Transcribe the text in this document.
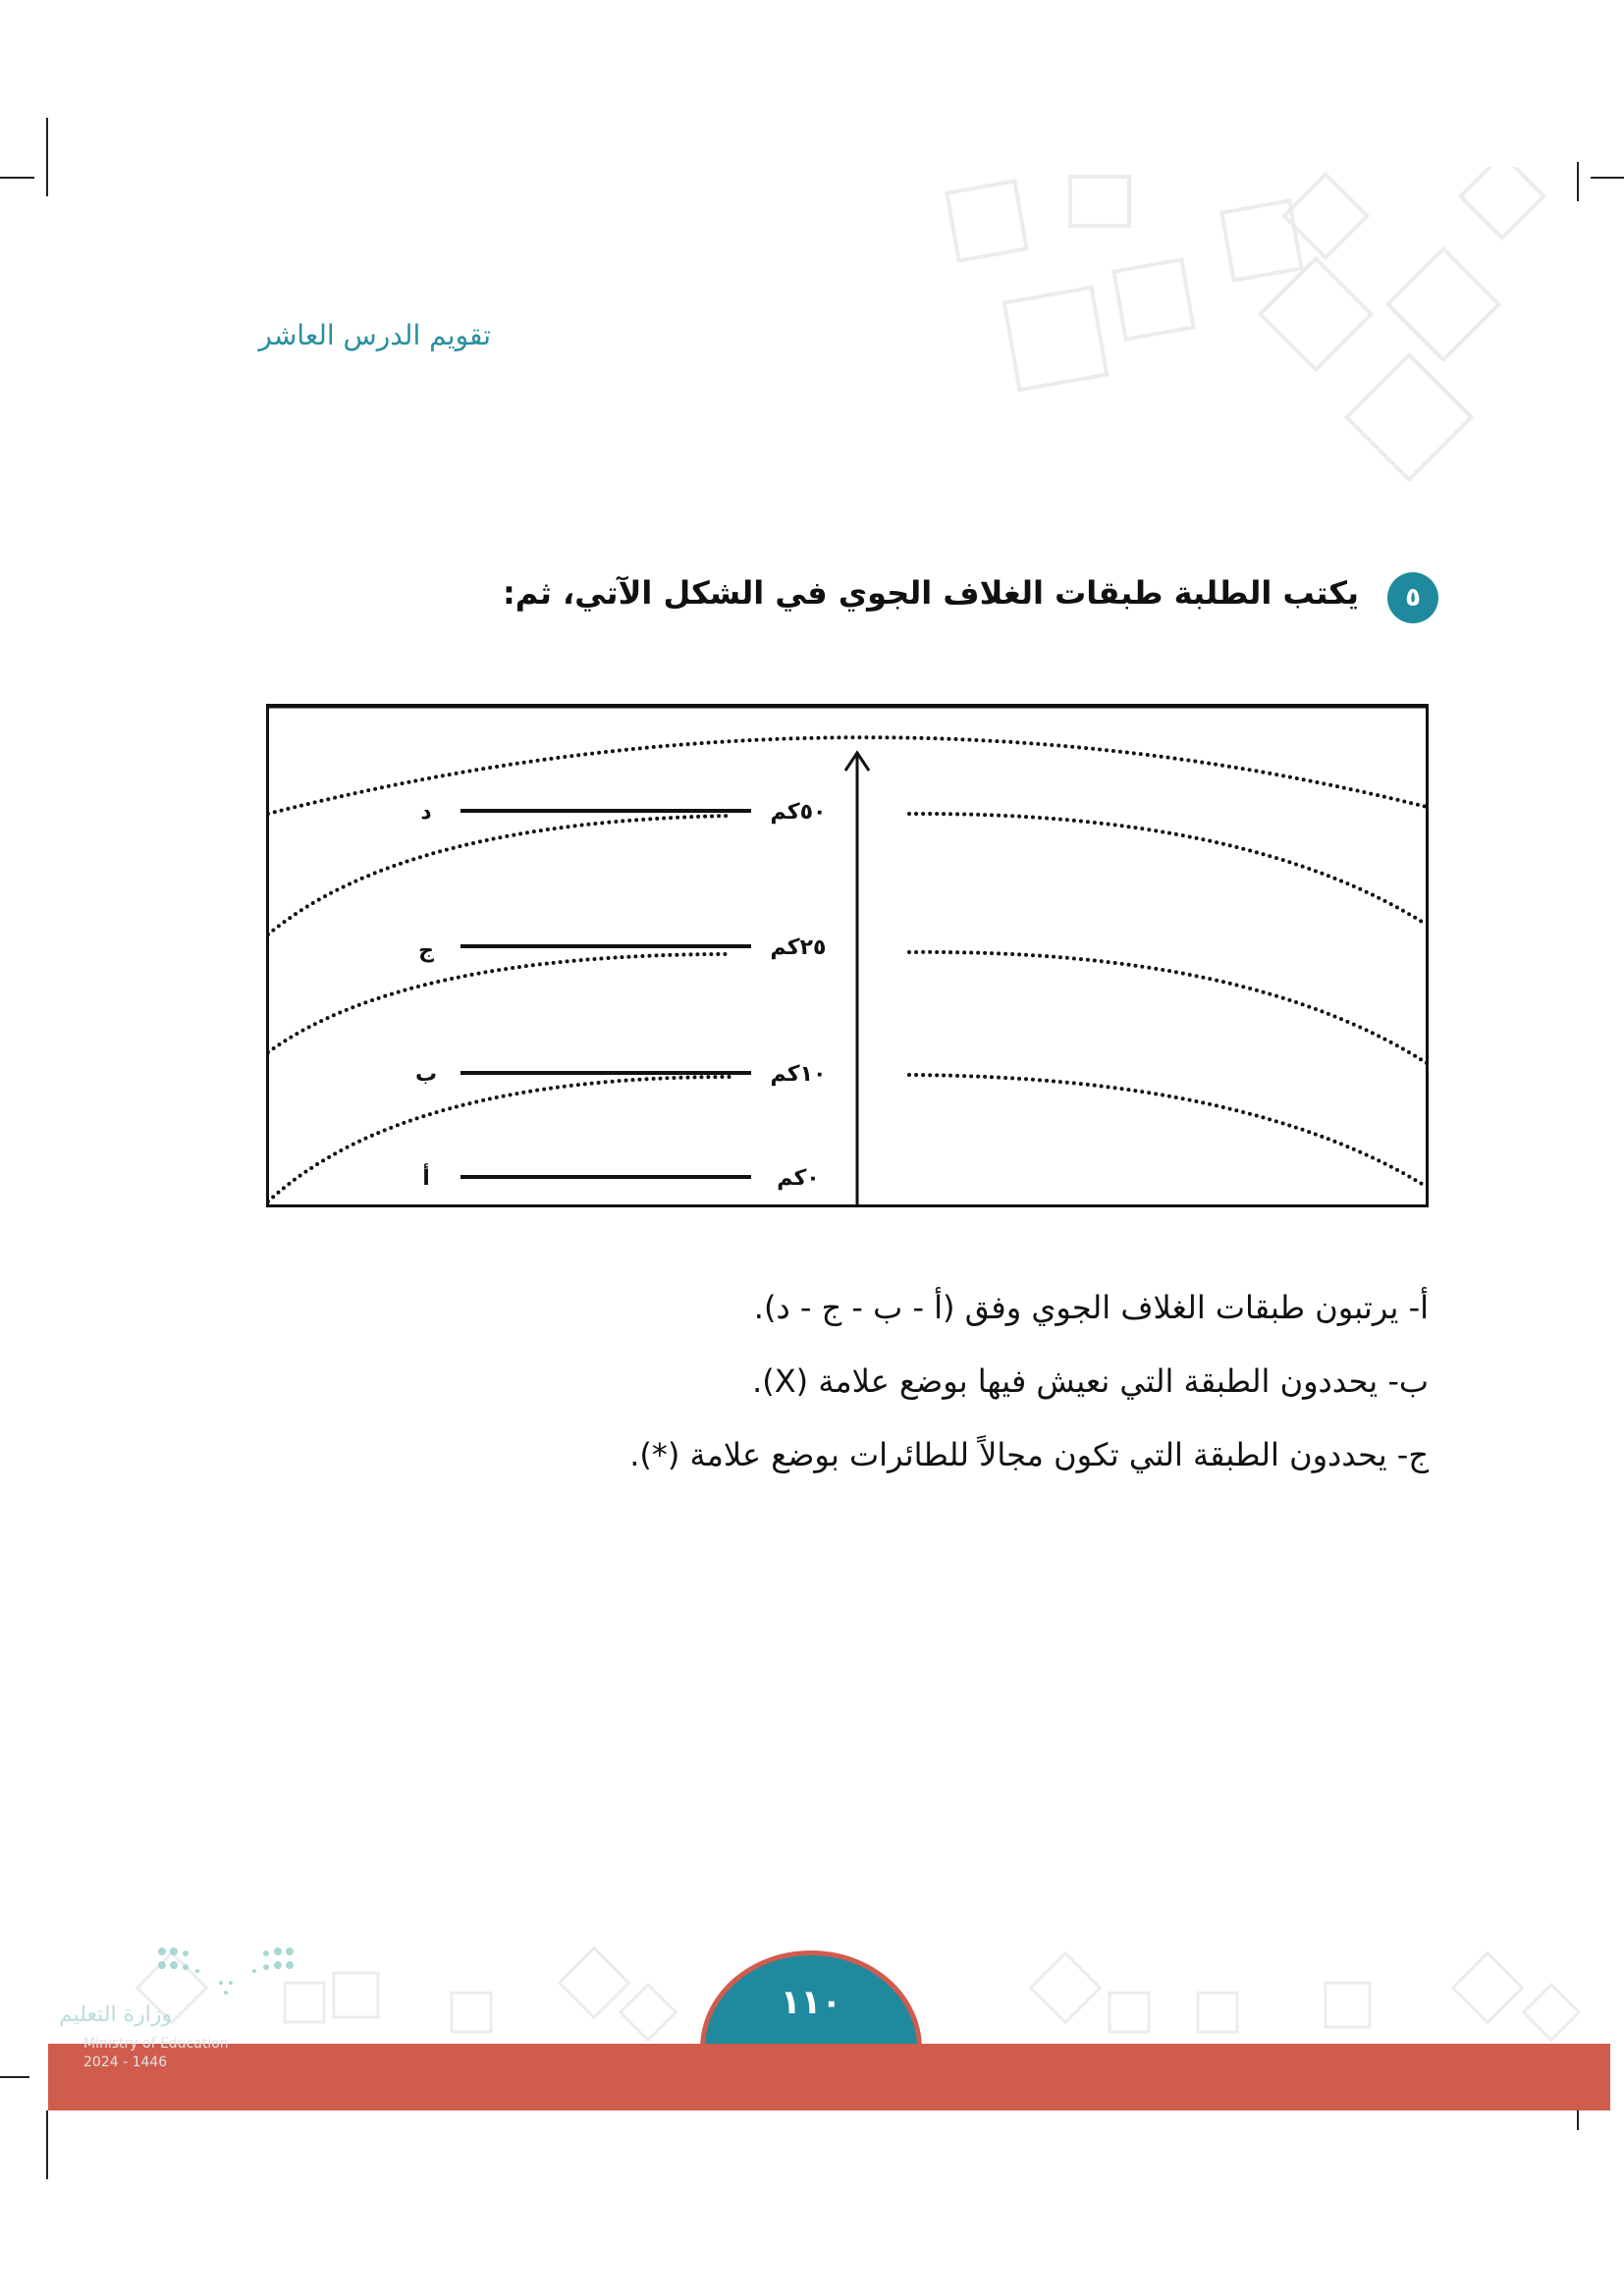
تقويم الدرس العاشر
٥
يكتب الطلبة طبقات الغلاف الجوي في الشكل الآتي، ثم:
د	٥٠كم
ج	٢٥كم
ب	١٠كم
أ	٠كم
أ- يرتبون طبقات الغلاف الجوي وفق (أ - ب - ج - د).
ب- يحددون الطبقة التي نعيش فيها بوضع علامة (X).
ج- يحددون الطبقة التي تكون مجالاً للطائرات بوضع علامة (*).
وزارة التعليم
Ministry of Education
2024 - 1446
١١٠
